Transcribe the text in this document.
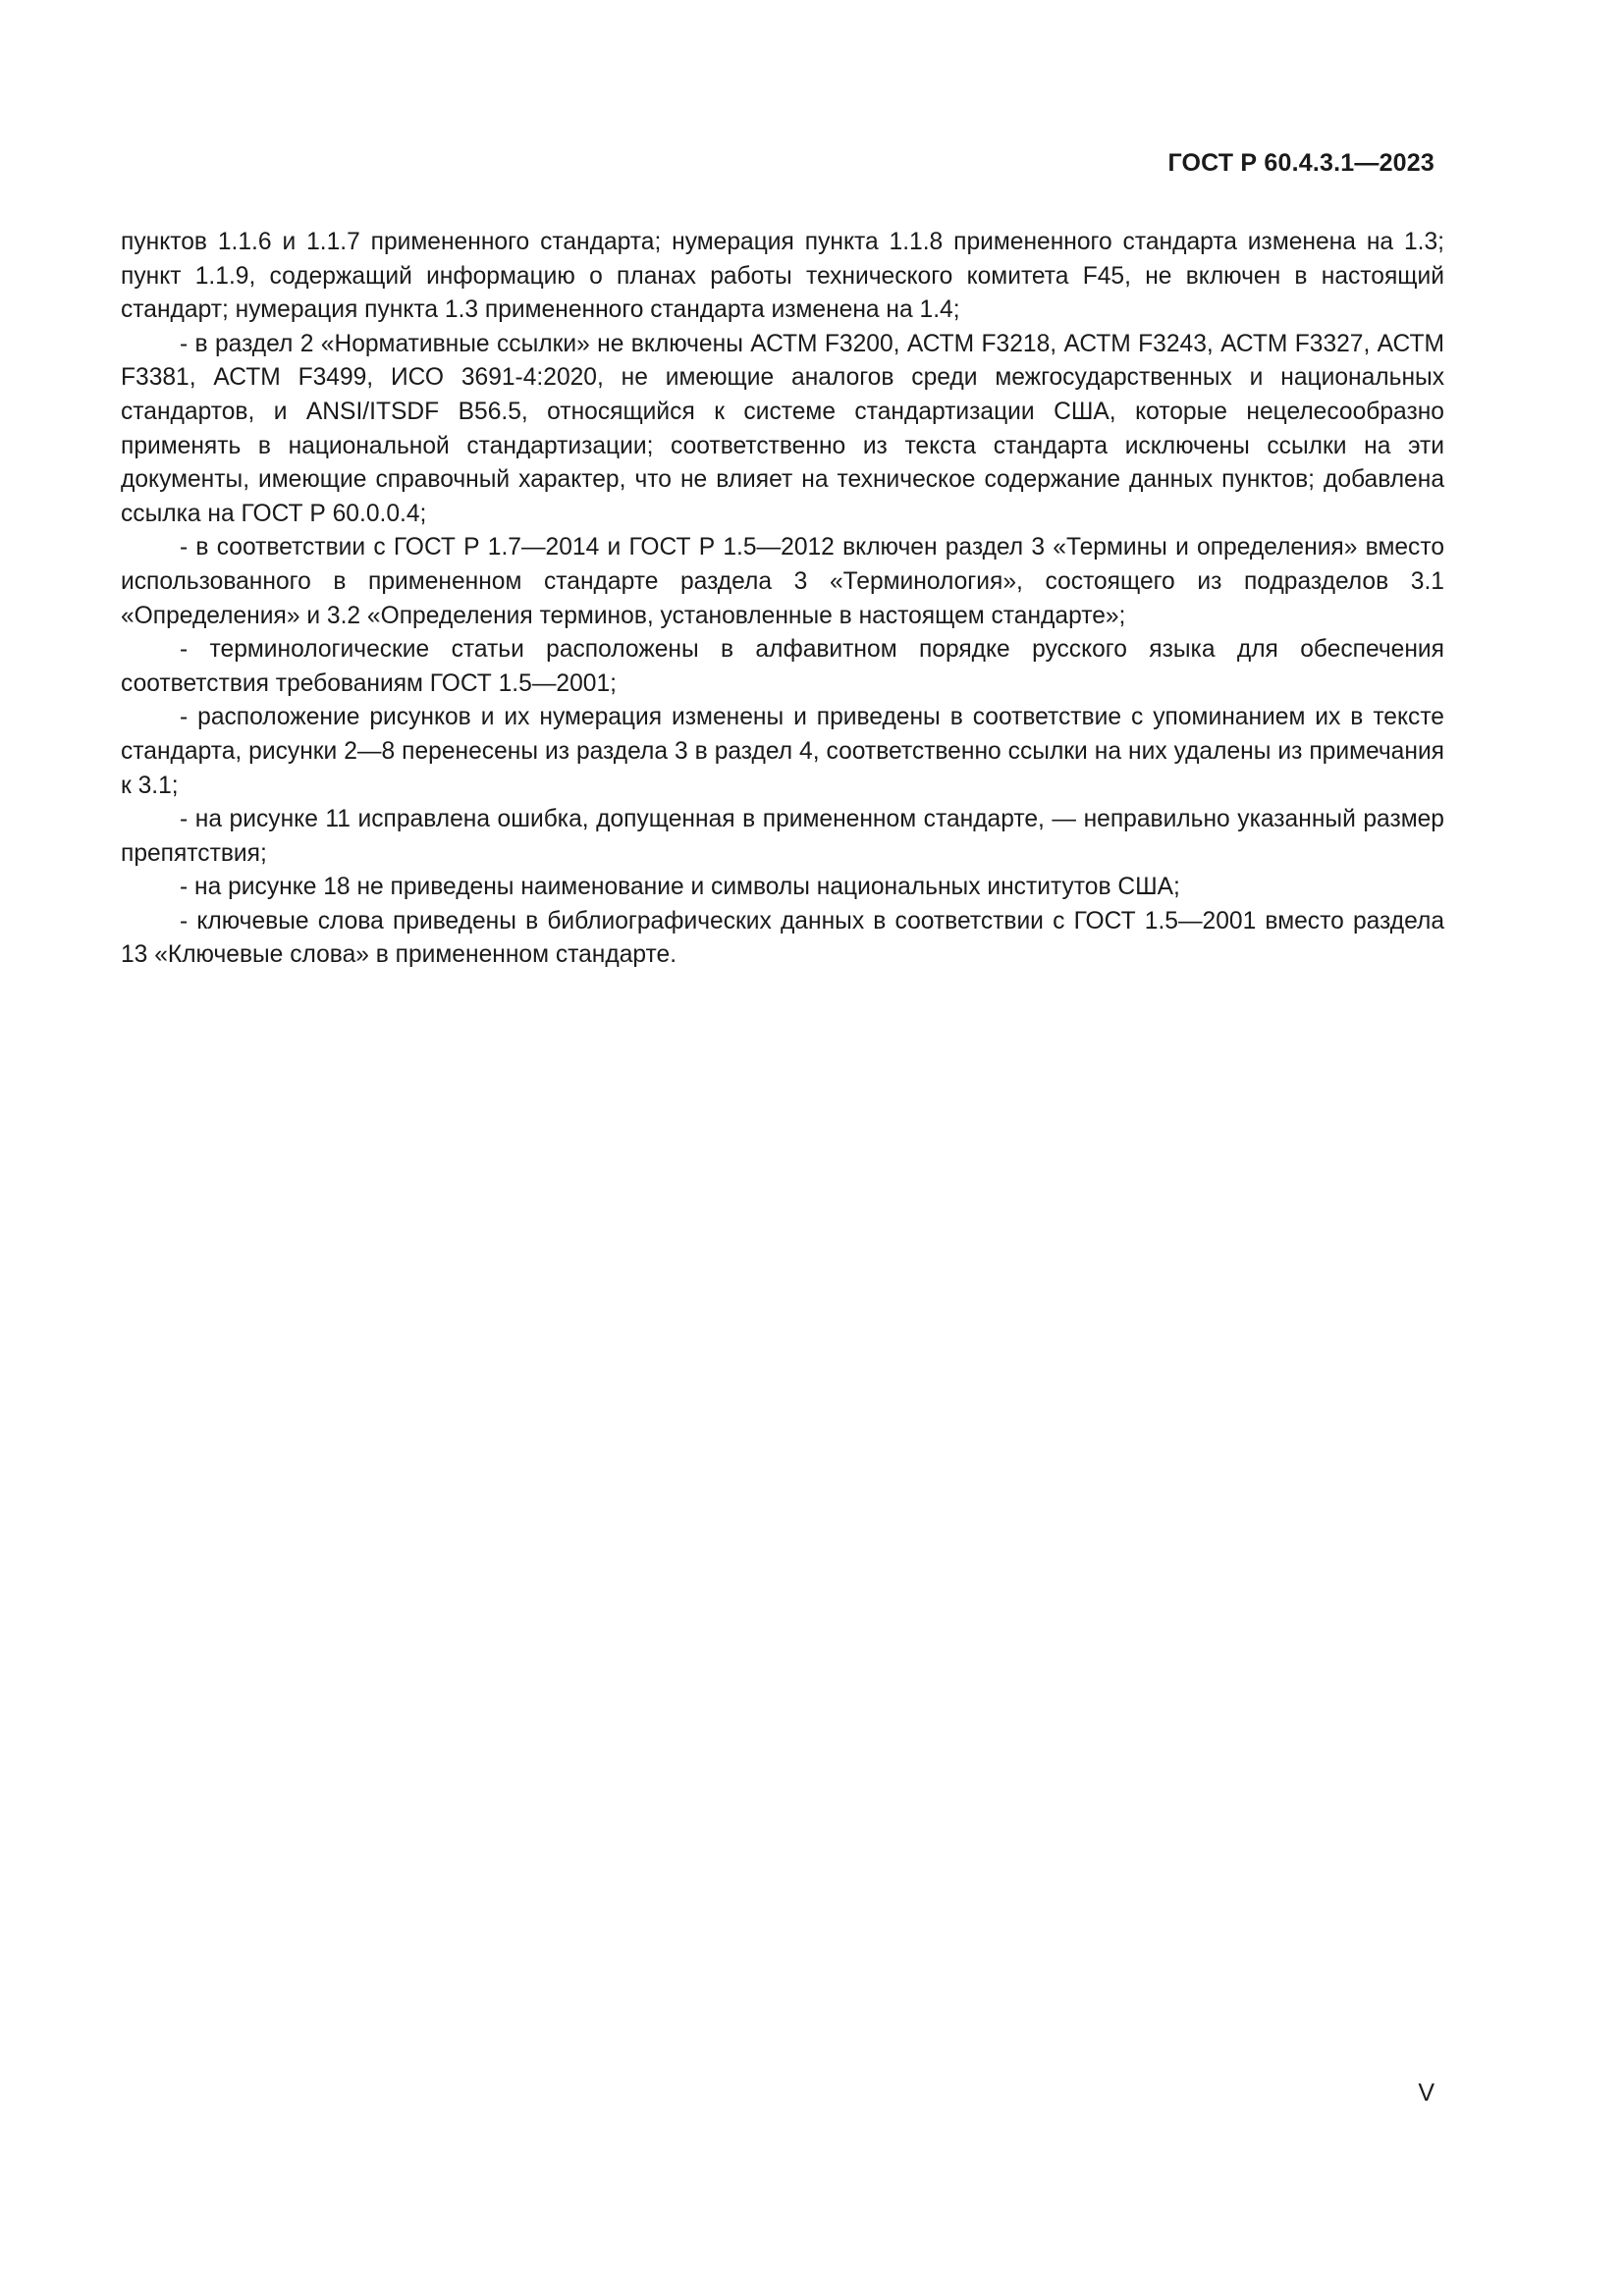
ГОСТ Р 60.4.3.1—2023

пунктов 1.1.6 и 1.1.7 примененного стандарта; нумерация пункта 1.1.8 примененного стандарта изменена на 1.3; пункт 1.1.9, содержащий информацию о планах работы технического комитета F45, не включен в настоящий стандарт; нумерация пункта 1.3 примененного стандарта изменена на 1.4;

- в раздел 2 «Нормативные ссылки» не включены АСТМ F3200, АСТМ F3218, АСТМ F3243, АСТМ F3327, АСТМ F3381, АСТМ F3499, ИСО 3691-4:2020, не имеющие аналогов среди межгосударственных и национальных стандартов, и ANSI/ITSDF B56.5, относящийся к системе стандартизации США, которые нецелесообразно применять в национальной стандартизации; соответственно из текста стандарта исключены ссылки на эти документы, имеющие справочный характер, что не влияет на техническое содержание данных пунктов; добавлена ссылка на ГОСТ Р 60.0.0.4;

- в соответствии с ГОСТ Р 1.7—2014 и ГОСТ Р 1.5—2012 включен раздел 3 «Термины и определения» вместо использованного в примененном стандарте раздела 3 «Терминология», состоящего из подразделов 3.1 «Определения» и 3.2 «Определения терминов, установленные в настоящем стандарте»;

- терминологические статьи расположены в алфавитном порядке русского языка для обеспечения соответствия требованиям ГОСТ 1.5—2001;

- расположение рисунков и их нумерация изменены и приведены в соответствие с упоминанием их в тексте стандарта, рисунки 2—8 перенесены из раздела 3 в раздел 4, соответственно ссылки на них удалены из примечания к 3.1;

- на рисунке 11 исправлена ошибка, допущенная в примененном стандарте, — неправильно указанный размер препятствия;

- на рисунке 18 не приведены наименование и символы национальных институтов США;

- ключевые слова приведены в библиографических данных в соответствии с ГОСТ 1.5—2001 вместо раздела 13 «Ключевые слова» в примененном стандарте.

V
